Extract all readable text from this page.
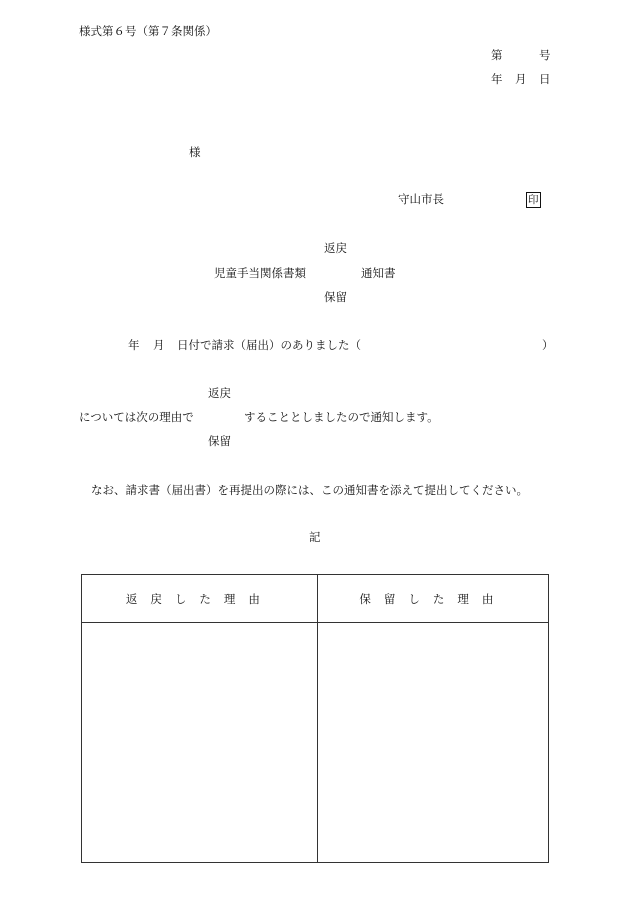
様式第６号（第７条関係）
第	号
年 月 日
様
守山市長	印
返戻
児童手当関係書類	通知書
保留
年 月 日付で請求（届出）のありました（	）
返戻
については次の理由で	することとしましたので通知します。
保留
なお、請求書（届出書）を再提出の際には、この通知書を添えて提出してください。
記
返戻した理由	保留した理由
